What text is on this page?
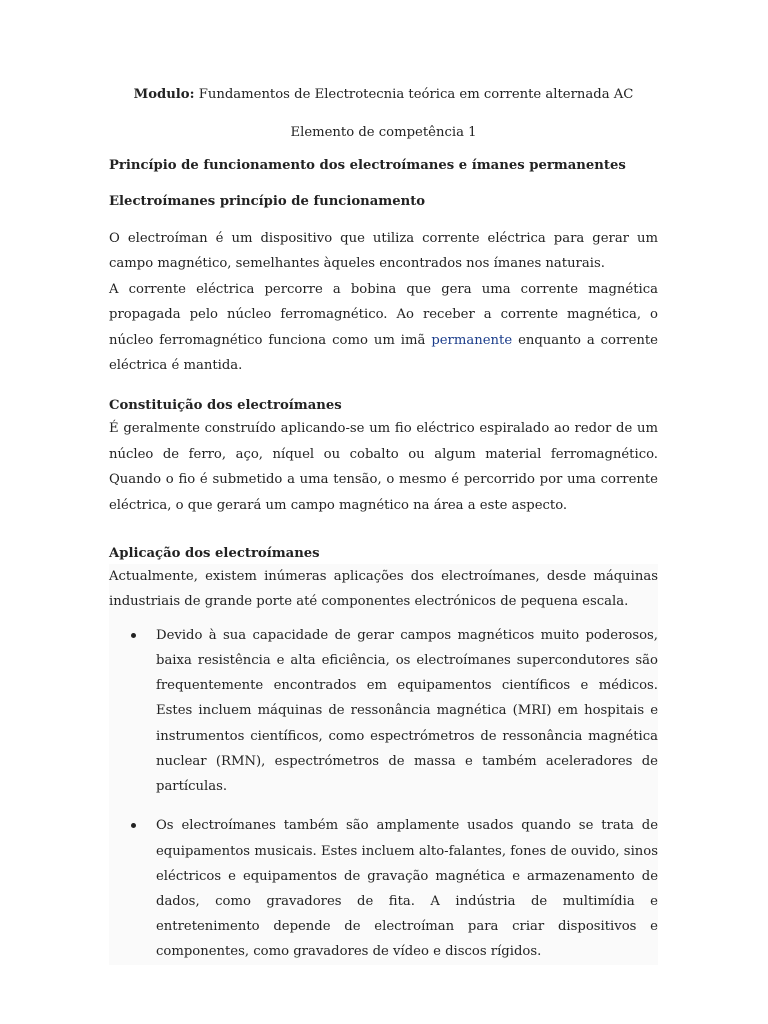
Modulo: Fundamentos de Electrotecnia teórica em corrente alternada AC

Elemento de competência 1

Princípio de funcionamento dos electroímanes e ímanes permanentes

Electroímanes princípio de funcionamento

O electroíman é um dispositivo que utiliza corrente eléctrica para gerar um campo magnético, semelhantes àqueles encontrados nos ímanes naturais.

A corrente eléctrica percorre a bobina que gera uma corrente magnética propagada pelo núcleo ferromagnético. Ao receber a corrente magnética, o núcleo ferromagnético funciona como um imã permanente enquanto a corrente eléctrica é mantida.

Constituição dos electroímanes

É geralmente construído aplicando-se um fio eléctrico espiralado ao redor de um núcleo de ferro, aço, níquel ou cobalto ou algum material ferromagnético. Quando o fio é submetido a uma tensão, o mesmo é percorrido por uma corrente eléctrica, o que gerará um campo magnético na área a este aspecto.

Aplicação dos electroímanes

Actualmente, existem inúmeras aplicações dos electroímanes, desde máquinas industriais de grande porte até componentes electrónicos de pequena escala.

Devido à sua capacidade de gerar campos magnéticos muito poderosos, baixa resistência e alta eficiência, os electroímanes supercondutores são frequentemente encontrados em equipamentos científicos e médicos. Estes incluem máquinas de ressonância magnética (MRI) em hospitais e instrumentos científicos, como espectrómetros de ressonância magnética nuclear (RMN), espectrómetros de massa e também aceleradores de partículas.
Os electroímanes também são amplamente usados quando se trata de equipamentos musicais. Estes incluem alto-falantes, fones de ouvido, sinos eléctricos e equipamentos de gravação magnética e armazenamento de dados, como gravadores de fita. A indústria de multimídia e entretenimento depende de electroíman para criar dispositivos e componentes, como gravadores de vídeo e discos rígidos.
